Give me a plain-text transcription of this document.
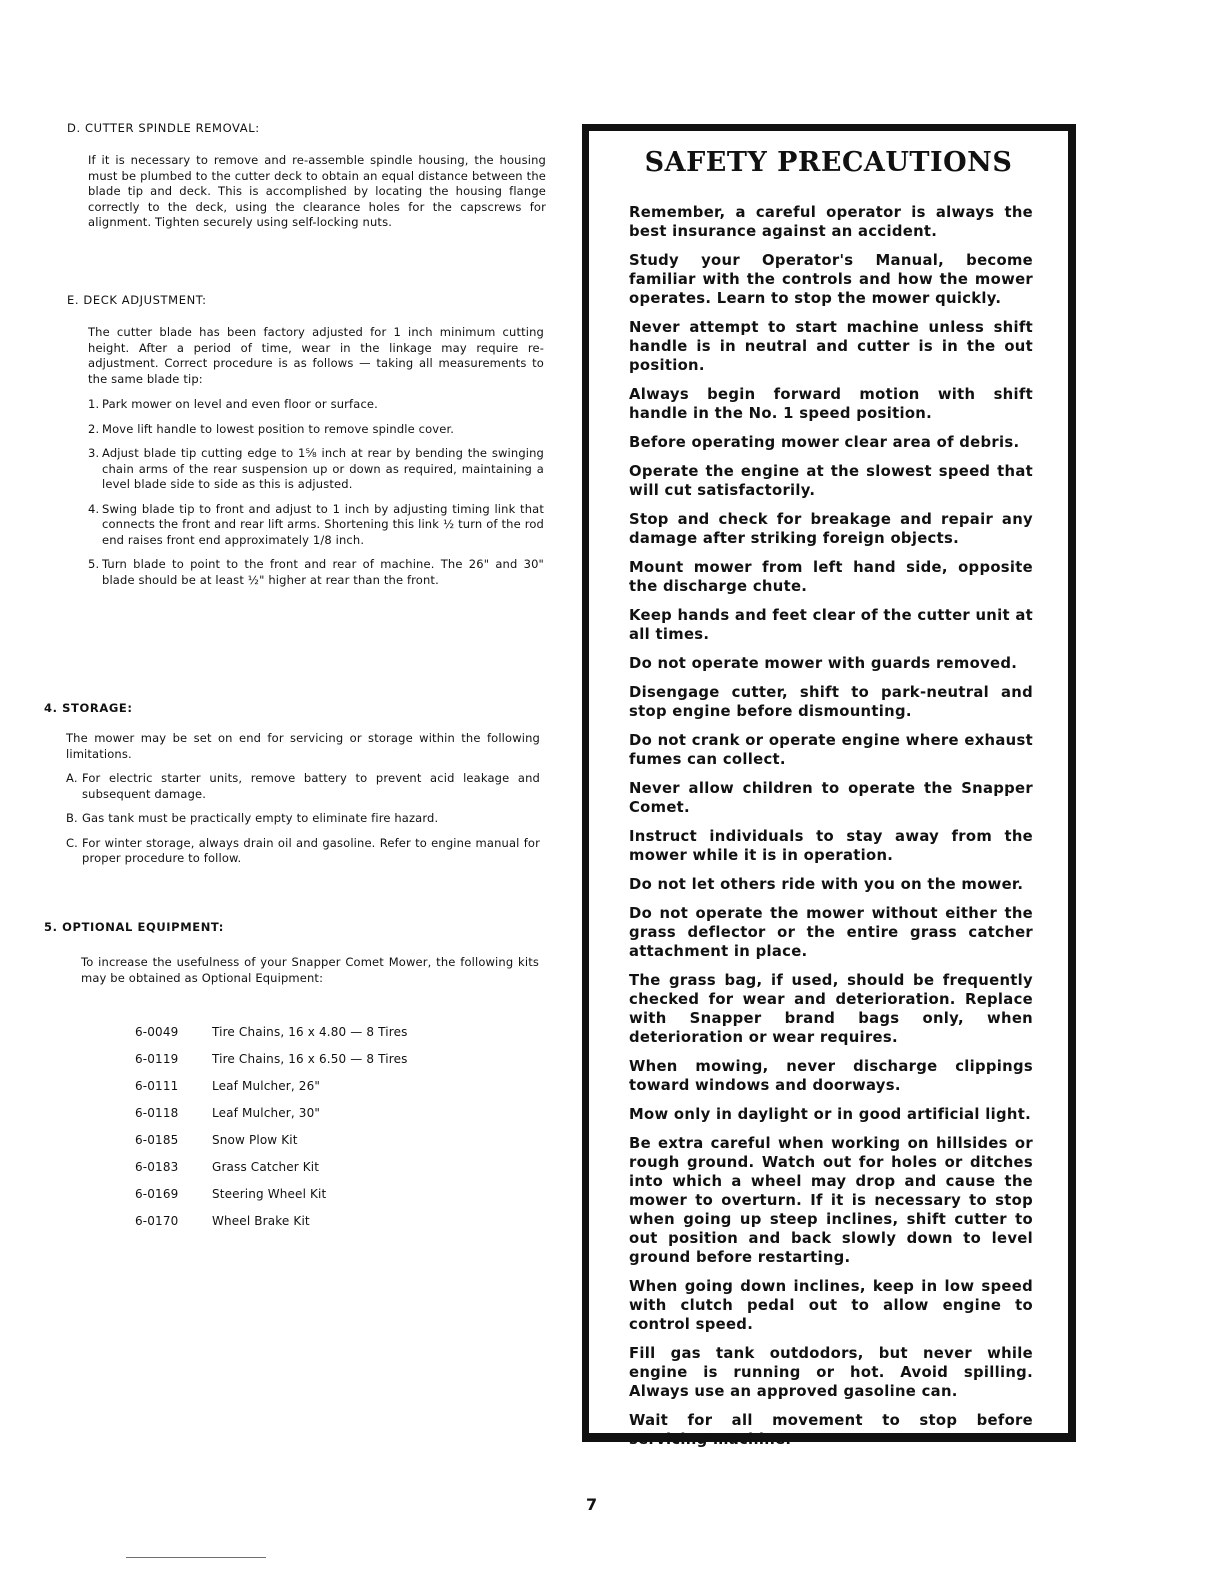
D. CUTTER SPINDLE REMOVAL:

If it is necessary to remove and re-assemble spindle housing, the housing must be plumbed to the cutter deck to obtain an equal distance between the blade tip and deck. This is accomplished by locating the housing flange correctly to the deck, using the clearance holes for the capscrews for alignment. Tighten securely using self-locking nuts.

E. DECK ADJUSTMENT:

The cutter blade has been factory adjusted for 1 inch minimum cutting height. After a period of time, wear in the linkage may require re-adjustment. Correct procedure is as follows — taking all measurements to the same blade tip:

1. Park mower on level and even floor or surface.
2. Move lift handle to lowest position to remove spindle cover.
3. Adjust blade tip cutting edge to 1⅝ inch at rear by bending the swinging chain arms of the rear suspension up or down as required, maintaining a level blade side to side as this is adjusted.
4. Swing blade tip to front and adjust to 1 inch by adjusting timing link that connects the front and rear lift arms. Shortening this link ½ turn of the rod end raises front end approximately 1/8 inch.
5. Turn blade to point to the front and rear of machine. The 26" and 30" blade should be at least ½" higher at rear than the front.
4. STORAGE:

The mower may be set on end for servicing or storage within the following limitations.

A. For electric starter units, remove battery to prevent acid leakage and subsequent damage.
B. Gas tank must be practically empty to eliminate fire hazard.
C. For winter storage, always drain oil and gasoline. Refer to engine manual for proper procedure to follow.
5. OPTIONAL EQUIPMENT:

To increase the usefulness of your Snapper Comet Mower, the following kits may be obtained as Optional Equipment:

6-0049	Tire Chains, 16 x 4.80 — 8 Tires
6-0119	Tire Chains, 16 x 6.50 — 8 Tires
6-0111	Leaf Mulcher, 26"
6-0118	Leaf Mulcher, 30"
6-0185	Snow Plow Kit
6-0183	Grass Catcher Kit
6-0169	Steering Wheel Kit
6-0170	Wheel Brake Kit
SAFETY PRECAUTIONS
Remember, a careful operator is always the best insurance against an accident.
Study your Operator's Manual, become familiar with the controls and how the mower operates. Learn to stop the mower quickly.
Never attempt to start machine unless shift handle is in neutral and cutter is in the out position.
Always begin forward motion with shift handle in the No. 1 speed position.
Before operating mower clear area of debris.
Operate the engine at the slowest speed that will cut satisfactorily.
Stop and check for breakage and repair any damage after striking foreign objects.
Mount mower from left hand side, opposite the discharge chute.
Keep hands and feet clear of the cutter unit at all times.
Do not operate mower with guards removed.
Disengage cutter, shift to park-neutral and stop engine before dismounting.
Do not crank or operate engine where exhaust fumes can collect.
Never allow children to operate the Snapper Comet.
Instruct individuals to stay away from the mower while it is in operation.
Do not let others ride with you on the mower.
Do not operate the mower without either the grass deflector or the entire grass catcher attachment in place.
The grass bag, if used, should be frequently checked for wear and deterioration. Replace with Snapper brand bags only, when deterioration or wear requires.
When mowing, never discharge clippings toward windows and doorways.
Mow only in daylight or in good artificial light.
Be extra careful when working on hillsides or rough ground. Watch out for holes or ditches into which a wheel may drop and cause the mower to overturn. If it is necessary to stop when going up steep inclines, shift cutter to out position and back slowly down to level ground before restarting.
When going down inclines, keep in low speed with clutch pedal out to allow engine to control speed.
Fill gas tank outdodors, but never while engine is running or hot. Avoid spilling. Always use an approved gasoline can.
Wait for all movement to stop before servicing machine.
7
